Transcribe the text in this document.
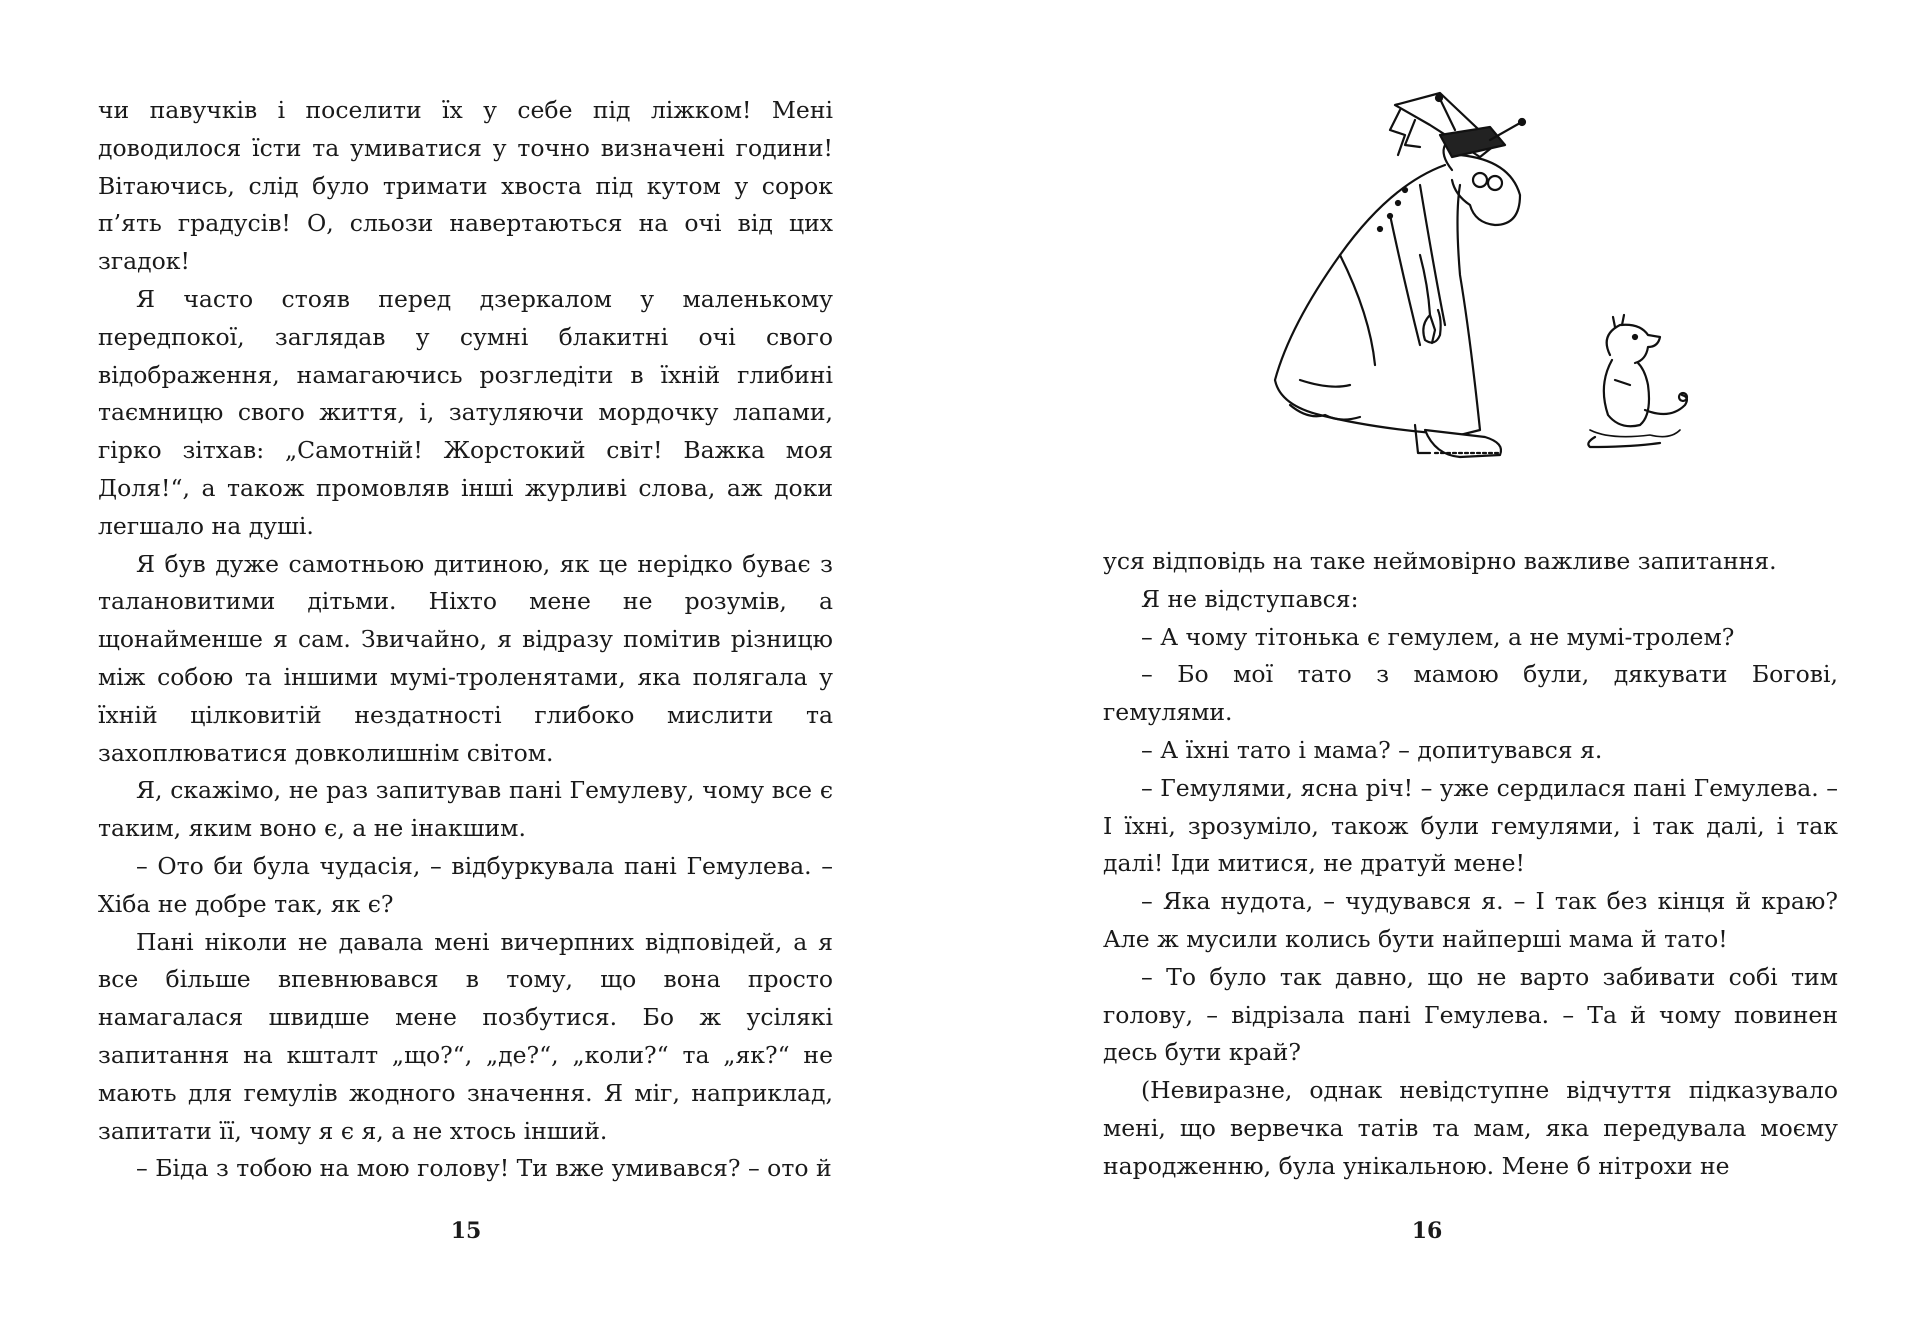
чи павучків і поселити їх у себе під ліжком! Мені доводилося їсти та умиватися у точно визначені години! Вітаючись, слід було тримати хвоста під кутом у сорок п’ять градусів! О, сльози навертаються на очі від цих згадок!

Я часто стояв перед дзеркалом у маленькому передпокої, заглядав у сумні блакитні очі свого відображення, намагаючись розгледіти в їхній глибині таємницю свого життя, і, затуляючи мордочку лапами, гірко зітхав: „Самотній! Жорстокий світ! Важка моя Доля!“, а також промовляв інші журливі слова, аж доки легшало на душі.

Я був дуже самотньою дитиною, як це нерідко буває з талановитими дітьми. Ніхто мене не розумів, а щонайменше я сам. Звичайно, я відразу помітив різницю між собою та іншими мумі-троленятами, яка полягала у їхній цілковитій нездатності глибоко мислити та захоплюватися довколишнім світом.

Я, скажімо, не раз запитував пані Гемулеву, чому все є таким, яким воно є, а не інакшим.

– Ото би була чудасія, – відбуркувала пані Гемулева. – Хіба не добре так, як є?

Пані ніколи не давала мені вичерпних відповідей, а я все більше впевнювався в тому, що вона просто намагалася швидше мене позбутися. Бо ж усілякі запитання на кшталт „що?“, „де?“, „коли?“ та „як?“ не мають для гемулів жодного значення. Я міг, наприклад, запитати її, чому я є я, а не хтось інший.

– Біда з тобою на мою голову! Ти вже умивався? – ото й

15

уся відповідь на таке неймовірно важливе запитання.

Я не відступався:

– А чому тітонька є гемулем, а не мумі-тролем?

– Бо мої тато з мамою були, дякувати Богові, гемулями.

– А їхні тато і мама? – допитувався я.

– Гемулями, ясна річ! – уже сердилася пані Гемулева. – І їхні, зрозуміло, також були гемулями, і так далі, і так далі! Іди митися, не дратуй мене!

– Яка нудота, – чудувався я. – І так без кінця й краю? Але ж мусили колись бути найперші мама й тато!

– То було так давно, що не варто забивати собі тим голову, – відрізала пані Гемулева. – Та й чому повинен десь бути край?

(Невиразне, однак невідступне відчуття підказувало мені, що вервечка татів та мам, яка передувала моєму народженню, була унікальною. Мене б нітрохи не

16
